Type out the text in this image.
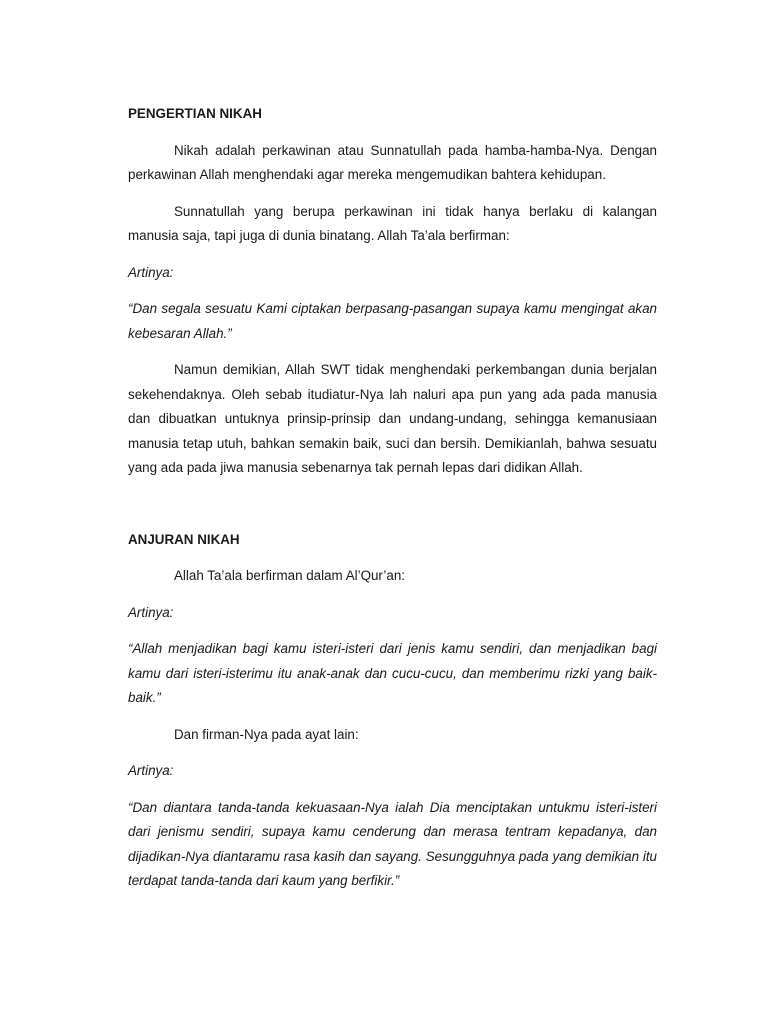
PENGERTIAN NIKAH

Nikah adalah perkawinan atau Sunnatullah pada hamba-hamba-Nya. Dengan perkawinan Allah menghendaki agar mereka mengemudikan bahtera kehidupan.

Sunnatullah yang berupa perkawinan ini tidak hanya berlaku di kalangan manusia saja, tapi juga di dunia binatang. Allah Ta’ala berfirman:

Artinya:

“Dan segala sesuatu Kami ciptakan berpasang-pasangan supaya kamu mengingat akan kebesaran Allah.”

Namun demikian, Allah SWT tidak menghendaki perkembangan dunia berjalan sekehendaknya. Oleh sebab itudiatur-Nya lah naluri apa pun yang ada pada manusia dan dibuatkan untuknya prinsip-prinsip dan undang-undang, sehingga kemanusiaan manusia tetap utuh, bahkan semakin baik, suci dan bersih. Demikianlah, bahwa sesuatu yang ada pada jiwa manusia sebenarnya tak pernah lepas dari didikan Allah.

ANJURAN NIKAH

Allah Ta’ala berfirman dalam Al’Qur’an:

Artinya:

“Allah menjadikan bagi kamu isteri-isteri dari jenis kamu sendiri, dan menjadikan bagi kamu dari isteri-isterimu itu anak-anak dan cucu-cucu, dan memberimu rizki yang baik-baik.”

Dan firman-Nya pada ayat lain:

Artinya:

“Dan diantara tanda-tanda kekuasaan-Nya ialah Dia menciptakan untukmu isteri-isteri dari jenismu sendiri, supaya kamu cenderung dan merasa tentram kepadanya, dan dijadikan-Nya diantaramu rasa kasih dan sayang. Sesungguhnya pada yang demikian itu terdapat tanda-tanda dari kaum yang berfikir.”
